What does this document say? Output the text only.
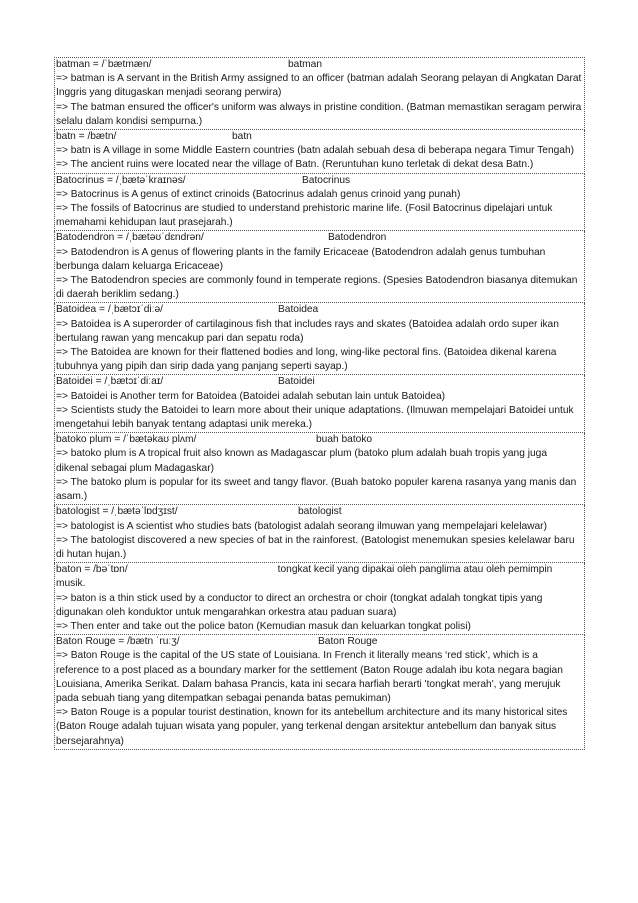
batman = /ˈbætmæn/	batman
=> batman is A servant in the British Army assigned to an officer (batman adalah Seorang pelayan di Angkatan Darat Inggris yang ditugaskan menjadi seorang perwira)
=> The batman ensured the officer's uniform was always in pristine condition. (Batman memastikan seragam perwira selalu dalam kondisi sempurna.)
batn = /bætn/	batn
=> batn is A village in some Middle Eastern countries (batn adalah sebuah desa di beberapa negara Timur Tengah)
=> The ancient ruins were located near the village of Batn. (Reruntuhan kuno terletak di dekat desa Batn.)
Batocrinus = /ˌbætəˈkraɪnəs/	Batocrinus
=> Batocrinus is A genus of extinct crinoids (Batocrinus adalah genus crinoid yang punah)
=> The fossils of Batocrinus are studied to understand prehistoric marine life. (Fosil Batocrinus dipelajari untuk memahami kehidupan laut prasejarah.)
Batodendron = /ˌbætəʊˈdɛndrən/	Batodendron
=> Batodendron is A genus of flowering plants in the family Ericaceae (Batodendron adalah genus tumbuhan berbunga dalam keluarga Ericaceae)
=> The Batodendron species are commonly found in temperate regions. (Spesies Batodendron biasanya ditemukan di daerah beriklim sedang.)
Batoidea = /ˌbætɔɪˈdiːə/	Batoidea
=> Batoidea is A superorder of cartilaginous fish that includes rays and skates (Batoidea adalah ordo super ikan bertulang rawan yang mencakup pari dan sepatu roda)
=> The Batoidea are known for their flattened bodies and long, wing-like pectoral fins. (Batoidea dikenal karena tubuhnya yang pipih dan sirip dada yang panjang seperti sayap.)
Batoidei = /ˌbætɔɪˈdiːaɪ/	Batoidei
=> Batoidei is Another term for Batoidea (Batoidei adalah sebutan lain untuk Batoidea)
=> Scientists study the Batoidei to learn more about their unique adaptations. (Ilmuwan mempelajari Batoidei untuk mengetahui lebih banyak tentang adaptasi unik mereka.)
batoko plum = /ˈbætəkaʊ plʌm/	buah batoko
=> batoko plum is A tropical fruit also known as Madagascar plum (batoko plum adalah buah tropis yang juga dikenal sebagai plum Madagaskar)
=> The batoko plum is popular for its sweet and tangy flavor. (Buah batoko populer karena rasanya yang manis dan asam.)
batologist = /ˌbætəˈlɒdʒɪst/	batologist
=> batologist is A scientist who studies bats (batologist adalah seorang ilmuwan yang mempelajari kelelawar)
=> The batologist discovered a new species of bat in the rainforest. (Batologist menemukan spesies kelelawar baru di hutan hujan.)
baton = /bəˈtɒn/	tongkat kecil yang dipakai oleh panglima atau oleh pemimpin musik.
=> baton is a thin stick used by a conductor to direct an orchestra or choir (tongkat adalah tongkat tipis yang digunakan oleh konduktor untuk mengarahkan orkestra atau paduan suara)
=> Then enter and take out the police baton (Kemudian masuk dan keluarkan tongkat polisi)
Baton Rouge = /bætn ˈruːʒ/	Baton Rouge
=> Baton Rouge is the capital of the US state of Louisiana. In French it literally means ‘red stick’, which is a reference to a post placed as a boundary marker for the settlement (Baton Rouge adalah ibu kota negara bagian Louisiana, Amerika Serikat. Dalam bahasa Prancis, kata ini secara harfiah berarti 'tongkat merah', yang merujuk pada sebuah tiang yang ditempatkan sebagai penanda batas pemukiman)
=> Baton Rouge is a popular tourist destination, known for its antebellum architecture and its many historical sites (Baton Rouge adalah tujuan wisata yang populer, yang terkenal dengan arsitektur antebellum dan banyak situs bersejarahnya)
